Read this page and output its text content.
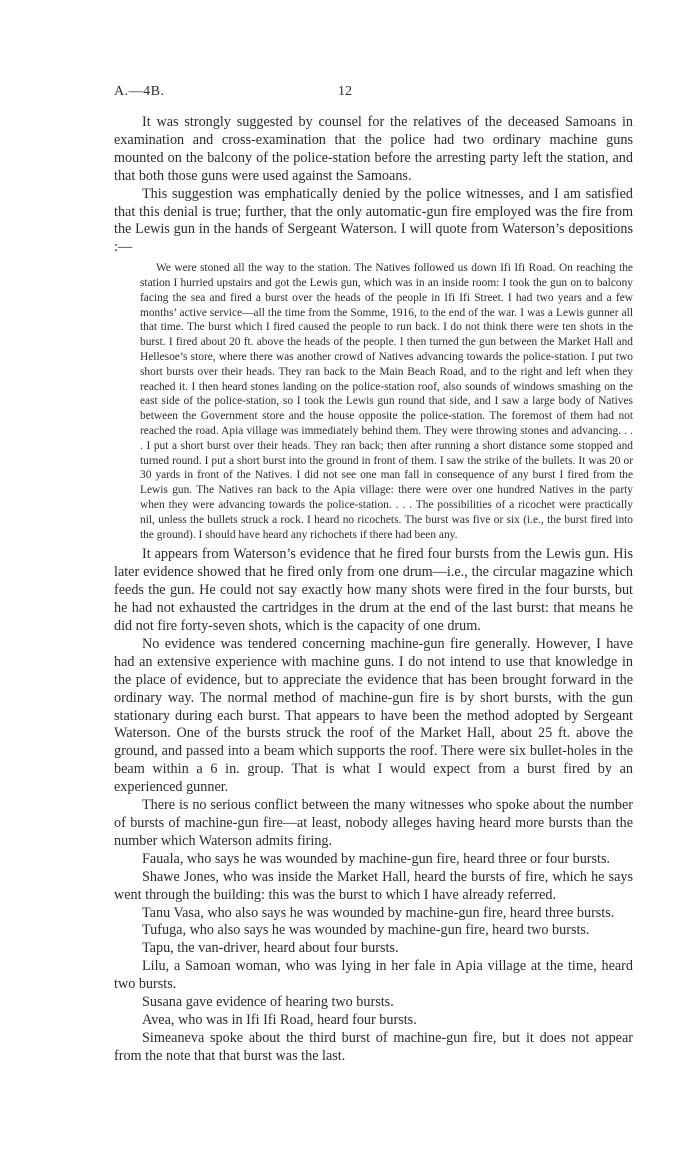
A.—4B.	12

It was strongly suggested by counsel for the relatives of the deceased Samoans in examination and cross-examination that the police had two ordinary machine guns mounted on the balcony of the police-station before the arresting party left the station, and that both those guns were used against the Samoans.

This suggestion was emphatically denied by the police witnesses, and I am satisfied that this denial is true; further, that the only automatic-gun fire employed was the fire from the Lewis gun in the hands of Sergeant Waterson. I will quote from Waterson’s depositions :—

We were stoned all the way to the station. The Natives followed us down Ifi Ifi Road. On reaching the station I hurried upstairs and got the Lewis gun, which was in an inside room: I took the gun on to balcony facing the sea and fired a burst over the heads of the people in Ifi Ifi Street. I had two years and a few months’ active service—all the time from the Somme, 1916, to the end of the war. I was a Lewis gunner all that time. The burst which I fired caused the people to run back. I do not think there were ten shots in the burst. I fired about 20 ft. above the heads of the people. I then turned the gun between the Market Hall and Hellesoe’s store, where there was another crowd of Natives advancing towards the police-station. I put two short bursts over their heads. They ran back to the Main Beach Road, and to the right and left when they reached it. I then heard stones landing on the police-station roof, also sounds of windows smashing on the east side of the police-station, so I took the Lewis gun round that side, and I saw a large body of Natives between the Government store and the house opposite the police-station. The foremost of them had not reached the road. Apia village was immediately behind them. They were throwing stones and advancing. . . . I put a short burst over their heads. They ran back; then after running a short distance some stopped and turned round. I put a short burst into the ground in front of them. I saw the strike of the bullets. It was 20 or 30 yards in front of the Natives. I did not see one man fall in consequence of any burst I fired from the Lewis gun. The Natives ran back to the Apia village: there were over one hundred Natives in the party when they were advancing towards the police-station. . . . The possibilities of a ricochet were practically nil, unless the bullets struck a rock. I heard no ricochets. The burst was five or six (i.e., the burst fired into the ground). I should have heard any richochets if there had been any.

It appears from Waterson’s evidence that he fired four bursts from the Lewis gun. His later evidence showed that he fired only from one drum—i.e., the circular magazine which feeds the gun. He could not say exactly how many shots were fired in the four bursts, but he had not exhausted the cartridges in the drum at the end of the last burst: that means he did not fire forty-seven shots, which is the capacity of one drum.

No evidence was tendered concerning machine-gun fire generally. However, I have had an extensive experience with machine guns. I do not intend to use that knowledge in the place of evidence, but to appreciate the evidence that has been brought forward in the ordinary way. The normal method of machine-gun fire is by short bursts, with the gun stationary during each burst. That appears to have been the method adopted by Sergeant Waterson. One of the bursts struck the roof of the Market Hall, about 25 ft. above the ground, and passed into a beam which supports the roof. There were six bullet-holes in the beam within a 6 in. group. That is what I would expect from a burst fired by an experienced gunner.

There is no serious conflict between the many witnesses who spoke about the number of bursts of machine-gun fire—at least, nobody alleges having heard more bursts than the number which Waterson admits firing.

Fauala, who says he was wounded by machine-gun fire, heard three or four bursts.

Shawe Jones, who was inside the Market Hall, heard the bursts of fire, which he says went through the building: this was the burst to which I have already referred.

Tanu Vasa, who also says he was wounded by machine-gun fire, heard three bursts.

Tufuga, who also says he was wounded by machine-gun fire, heard two bursts.

Tapu, the van-driver, heard about four bursts.

Lilu, a Samoan woman, who was lying in her fale in Apia village at the time, heard two bursts.

Susana gave evidence of hearing two bursts.

Avea, who was in Ifi Ifi Road, heard four bursts.

Simeaneva spoke about the third burst of machine-gun fire, but it does not appear from the note that that burst was the last.
